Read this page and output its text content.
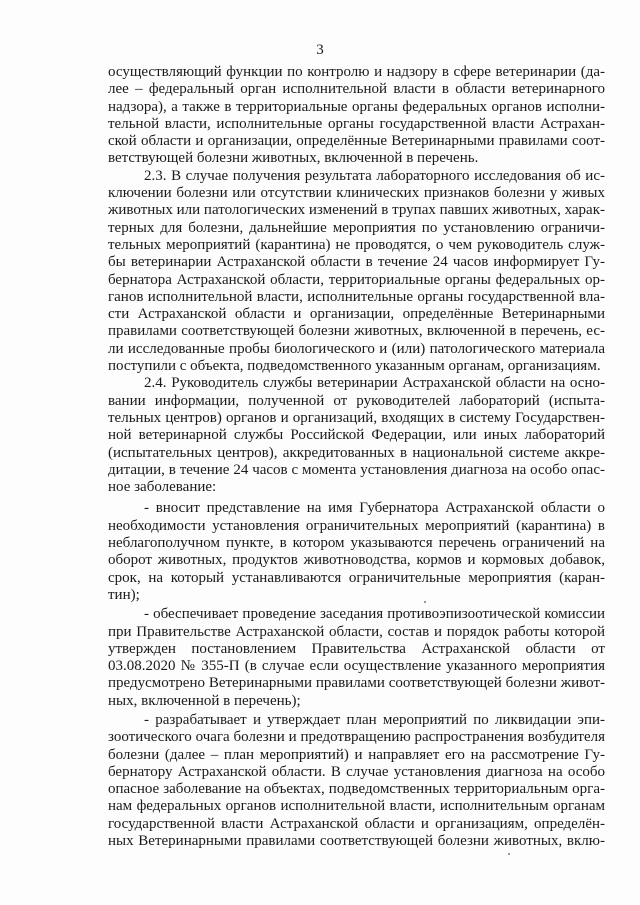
3
осуществляющий функции по контролю и надзору в сфере ветеринарии (да-
лее – федеральный орган исполнительной власти в области ветеринарного
надзора), а также в территориальные органы федеральных органов исполни-
тельной власти, исполнительные органы государственной власти Астрахан-
ской области и организации, определённые Ветеринарными правилами соот-
ветствующей болезни животных, включенной в перечень.
2.3. В случае получения результата лабораторного исследования об ис-
ключении болезни или отсутствии клинических признаков болезни у живых
животных или патологических изменений в трупах павших животных, харак-
терных для болезни, дальнейшие мероприятия по установлению ограничи-
тельных мероприятий (карантина) не проводятся, о чем руководитель служ-
бы ветеринарии Астраханской области в течение 24 часов информирует Гу-
бернатора Астраханской области, территориальные органы федеральных ор-
ганов исполнительной власти, исполнительные органы государственной вла-
сти Астраханской области и организации, определённые Ветеринарными
правилами соответствующей болезни животных, включенной в перечень, ес-
ли исследованные пробы биологического и (или) патологического материала
поступили с объекта, подведомственного указанным органам, организациям.
2.4. Руководитель службы ветеринарии Астраханской области на осно-
вании информации, полученной от руководителей лабораторий (испыта-
тельных центров) органов и организаций, входящих в систему Государствен-
ной ветеринарной службы Российской Федерации, или иных лабораторий
(испытательных центров), аккредитованных в национальной системе аккре-
дитации, в течение 24 часов с момента установления диагноза на особо опас-
ное заболевание:
- вносит представление на имя Губернатора Астраханской области о
необходимости установления ограничительных мероприятий (карантина) в
неблагополучном пункте, в котором указываются перечень ограничений на
оборот животных, продуктов животноводства, кормов и кормовых добавок,
срок, на который устанавливаются ограничительные мероприятия (каран-
тин);
- обеспечивает проведение заседания противоэпизоотической комиссии
при Правительстве Астраханской области, состав и порядок работы которой
утвержден постановлением Правительства Астраханской области от
03.08.2020 № 355-П (в случае если осуществление указанного мероприятия
предусмотрено Ветеринарными правилами соответствующей болезни живот-
ных, включенной в перечень);
- разрабатывает и утверждает план мероприятий по ликвидации эпи-
зоотического очага болезни и предотвращению распространения возбудителя
болезни (далее – план мероприятий) и направляет его на рассмотрение Гу-
бернатору Астраханской области. В случае установления диагноза на особо
опасное заболевание на объектах, подведомственных территориальным орга-
нам федеральных органов исполнительной власти, исполнительным органам
государственной власти Астраханской области и организациям, определён-
ных Ветеринарными правилами соответствующей болезни животных, вклю-
